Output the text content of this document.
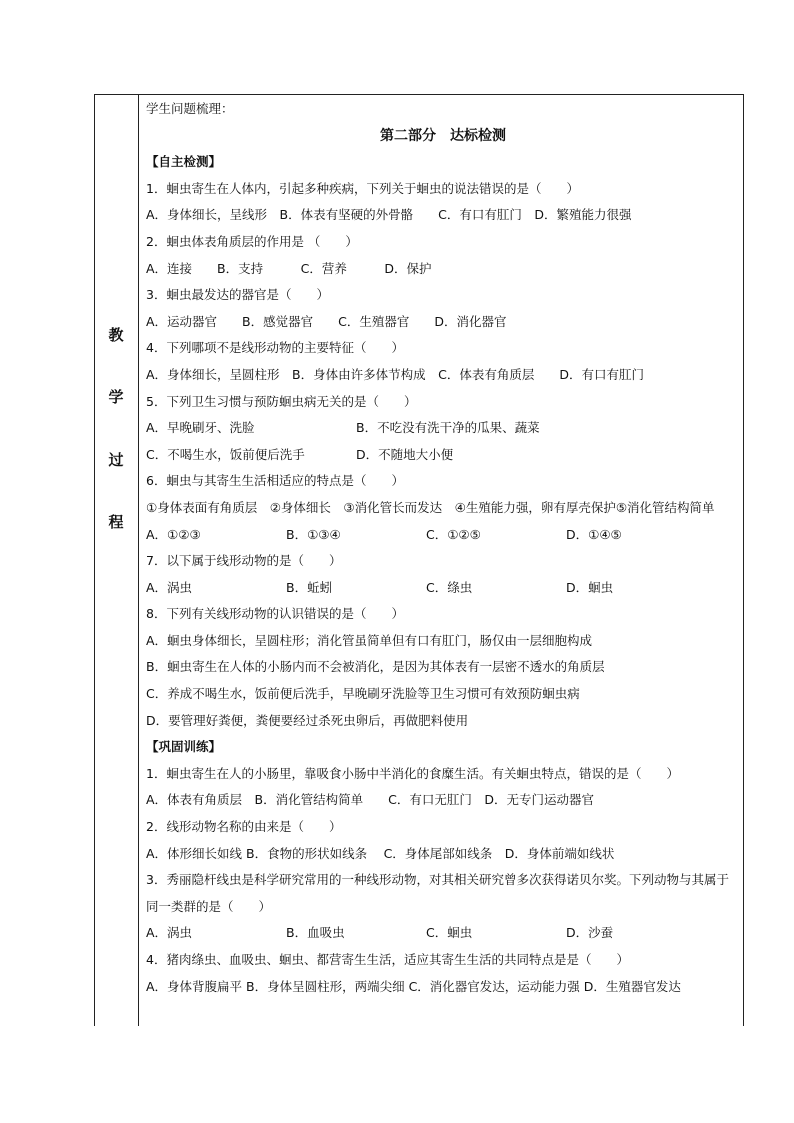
教
学
过
程
学生问题梳理：
第二部分　达标检测
【自主检测】
1．蛔虫寄生在人体内，引起多种疾病，下列关于蛔虫的说法错误的是（　　）
A．身体细长，呈线形　B．体表有坚硬的外骨骼　　C．有口有肛门　D．繁殖能力很强
2．蛔虫体表角质层的作用是 （　　）
A．连接　　B．支持　　　C．营养　　　D．保护
3．蛔虫最发达的器官是（　　）
A．运动器官　　B．感觉器官　　C．生殖器官　　D．消化器官
4．下列哪项不是线形动物的主要特征（　　）
A．身体细长，呈圆柱形　B．身体由许多体节构成　C．体表有角质层　　D．有口有肛门
5．下列卫生习惯与预防蛔虫病无关的是（　　）
A．早晚刷牙、洗脸	B．不吃没有洗干净的瓜果、蔬菜
C．不喝生水，饭前便后洗手	D．不随地大小便
6．蛔虫与其寄生生活相适应的特点是（　　）
①身体表面有角质层　②身体细长　③消化管长而发达　④生殖能力强，卵有厚壳保护⑤消化管结构简单
A．①②③	B．①③④	C．①②⑤	D．①④⑤
7．以下属于线形动物的是（　　）
A．涡虫	B．蚯蚓	C．绦虫	D．蛔虫
8．下列有关线形动物的认识错误的是（　　）
A．蛔虫身体细长，呈圆柱形；消化管虽简单但有口有肛门，肠仅由一层细胞构成
B．蛔虫寄生在人体的小肠内而不会被消化，是因为其体表有一层密不透水的角质层
C．养成不喝生水，饭前便后洗手，早晚刷牙洗脸等卫生习惯可有效预防蛔虫病
D．要管理好粪便，粪便要经过杀死虫卵后，再做肥料使用
【巩固训练】
1．蛔虫寄生在人的小肠里，靠吸食小肠中半消化的食糜生活。有关蛔虫特点，错误的是（　　）
A．体表有角质层　B．消化管结构简单　　C．有口无肛门　D．无专门运动器官
2．线形动物名称的由来是（　　）
A．体形细长如线 B．食物的形状如线条　 C．身体尾部如线条　D．身体前端如线状
3．秀丽隐杆线虫是科学研究常用的一种线形动物，对其相关研究曾多次获得诺贝尔奖。下列动物与其属于同一类群的是（　　）
A．涡虫	B．血吸虫	C．蛔虫	D．沙蚕
4．猪肉绦虫、血吸虫、蛔虫、都营寄生生活，适应其寄生生活的共同特点是是（　　）
A．身体背腹扁平 B．身体呈圆柱形，两端尖细 C．消化器官发达，运动能力强 D．生殖器官发达
